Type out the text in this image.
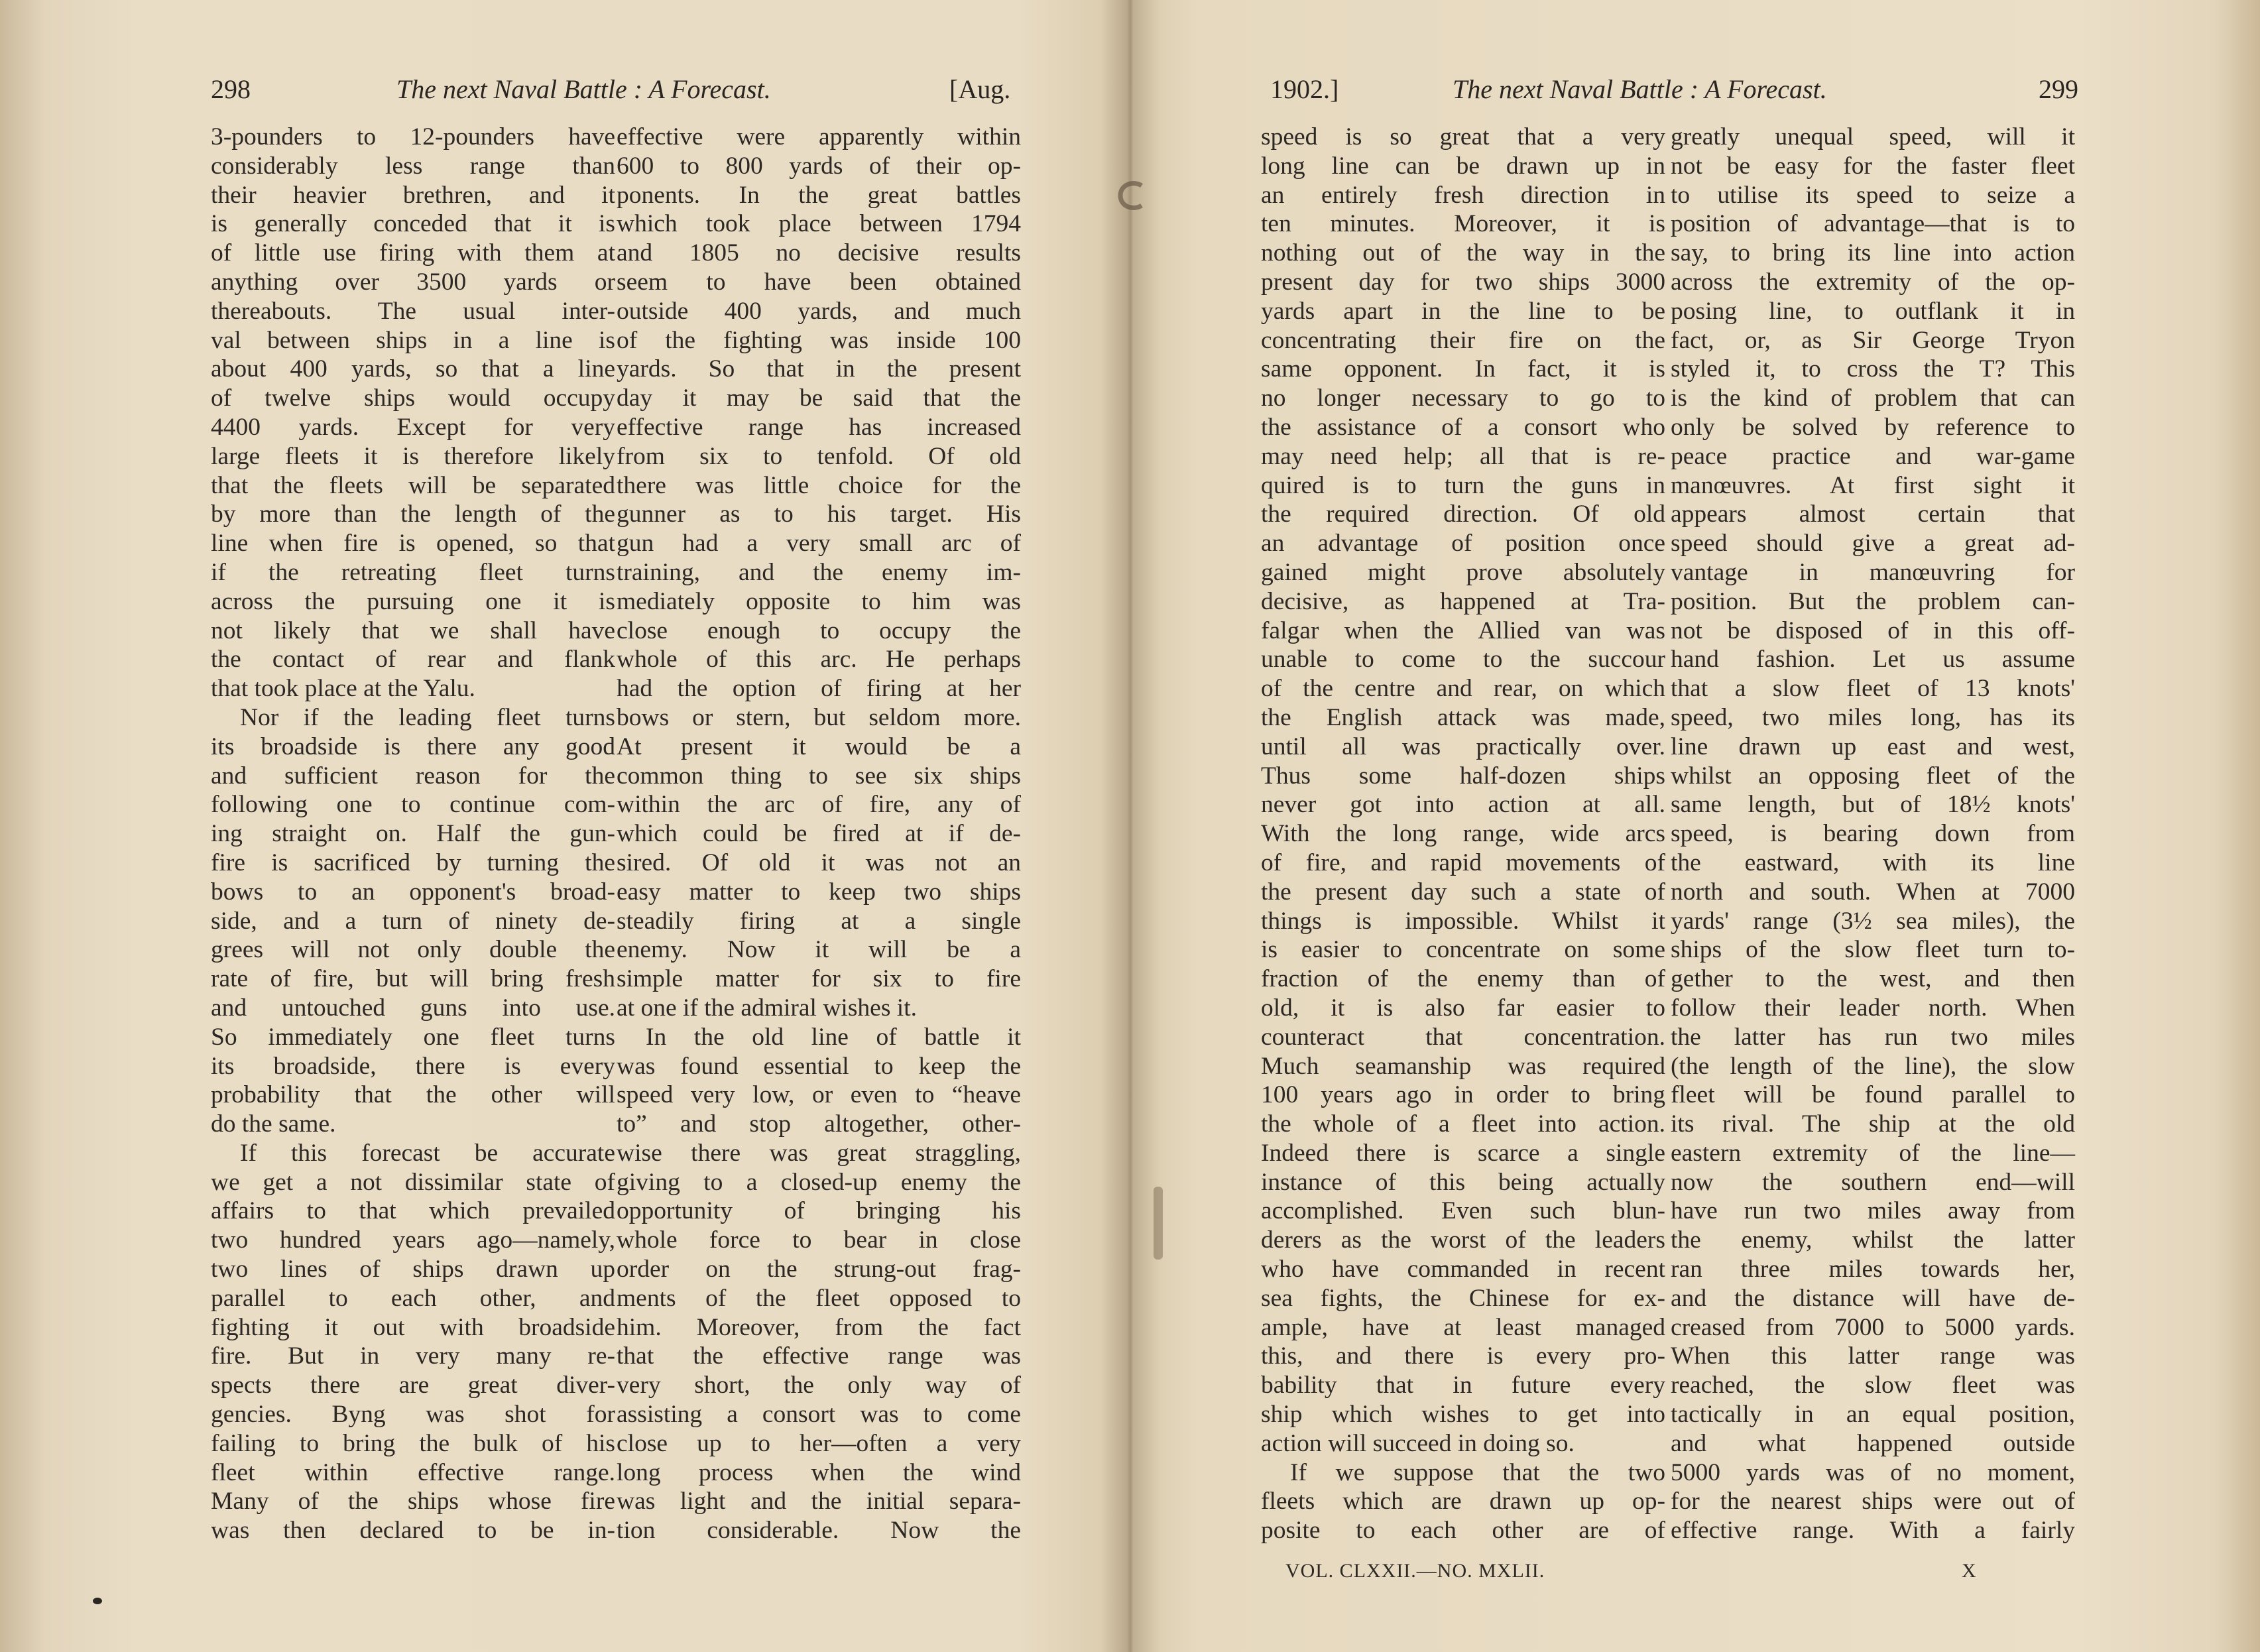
298	The next Naval Battle : A Forecast.	[Aug.
3-pounders to 12-pounders have
considerably less range than
their heavier brethren, and it
is generally conceded that it is
of little use firing with them at
anything over 3500 yards or
thereabouts. The usual inter-
val between ships in a line is
about 400 yards, so that a line
of twelve ships would occupy
4400 yards. Except for very
large fleets it is therefore likely
that the fleets will be separated
by more than the length of the
line when fire is opened, so that
if the retreating fleet turns
across the pursuing one it is
not likely that we shall have
the contact of rear and flank
that took place at the Yalu.
Nor if the leading fleet turns
its broadside is there any good
and sufficient reason for the
following one to continue com-
ing straight on. Half the gun-
fire is sacrificed by turning the
bows to an opponent's broad-
side, and a turn of ninety de-
grees will not only double the
rate of fire, but will bring fresh
and untouched guns into use.
So immediately one fleet turns
its broadside, there is every
probability that the other will
do the same.
If this forecast be accurate
we get a not dissimilar state of
affairs to that which prevailed
two hundred years ago—namely,
two lines of ships drawn up
parallel to each other, and
fighting it out with broadside
fire. But in very many re-
spects there are great diver-
gencies. Byng was shot for
failing to bring the bulk of his
fleet within effective range.
Many of the ships whose fire
was then declared to be in-
effective were apparently within
600 to 800 yards of their op-
ponents. In the great battles
which took place between 1794
and 1805 no decisive results
seem to have been obtained
outside 400 yards, and much
of the fighting was inside 100
yards. So that in the present
day it may be said that the
effective range has increased
from six to tenfold. Of old
there was little choice for the
gunner as to his target. His
gun had a very small arc of
training, and the enemy im-
mediately opposite to him was
close enough to occupy the
whole of this arc. He perhaps
had the option of firing at her
bows or stern, but seldom more.
At present it would be a
common thing to see six ships
within the arc of fire, any of
which could be fired at if de-
sired. Of old it was not an
easy matter to keep two ships
steadily firing at a single
enemy. Now it will be a
simple matter for six to fire
at one if the admiral wishes it.
In the old line of battle it
was found essential to keep the
speed very low, or even to “heave
to” and stop altogether, other-
wise there was great straggling,
giving to a closed-up enemy the
opportunity of bringing his
whole force to bear in close
order on the strung-out frag-
ments of the fleet opposed to
him. Moreover, from the fact
that the effective range was
very short, the only way of
assisting a consort was to come
close up to her—often a very
long process when the wind
was light and the initial separa-
tion considerable. Now the
1902.]	The next Naval Battle : A Forecast.	299
speed is so great that a very
long line can be drawn up in
an entirely fresh direction in
ten minutes. Moreover, it is
nothing out of the way in the
present day for two ships 3000
yards apart in the line to be
concentrating their fire on the
same opponent. In fact, it is
no longer necessary to go to
the assistance of a consort who
may need help; all that is re-
quired is to turn the guns in
the required direction. Of old
an advantage of position once
gained might prove absolutely
decisive, as happened at Tra-
falgar when the Allied van was
unable to come to the succour
of the centre and rear, on which
the English attack was made,
until all was practically over.
Thus some half-dozen ships
never got into action at all.
With the long range, wide arcs
of fire, and rapid movements of
the present day such a state of
things is impossible. Whilst it
is easier to concentrate on some
fraction of the enemy than of
old, it is also far easier to
counteract that concentration.
Much seamanship was required
100 years ago in order to bring
the whole of a fleet into action.
Indeed there is scarce a single
instance of this being actually
accomplished. Even such blun-
derers as the worst of the leaders
who have commanded in recent
sea fights, the Chinese for ex-
ample, have at least managed
this, and there is every pro-
bability that in future every
ship which wishes to get into
action will succeed in doing so.
If we suppose that the two
fleets which are drawn up op-
posite to each other are of
greatly unequal speed, will it
not be easy for the faster fleet
to utilise its speed to seize a
position of advantage—that is to
say, to bring its line into action
across the extremity of the op-
posing line, to outflank it in
fact, or, as Sir George Tryon
styled it, to cross the T? This
is the kind of problem that can
only be solved by reference to
peace practice and war-game
manœuvres. At first sight it
appears almost certain that
speed should give a great ad-
vantage in manœuvring for
position. But the problem can-
not be disposed of in this off-
hand fashion. Let us assume
that a slow fleet of 13 knots'
speed, two miles long, has its
line drawn up east and west,
whilst an opposing fleet of the
same length, but of 18½ knots'
speed, is bearing down from
the eastward, with its line
north and south. When at 7000
yards' range (3½ sea miles), the
ships of the slow fleet turn to-
gether to the west, and then
follow their leader north. When
the latter has run two miles
(the length of the line), the slow
fleet will be found parallel to
its rival. The ship at the old
eastern extremity of the line—
now the southern end—will
have run two miles away from
the enemy, whilst the latter
ran three miles towards her,
and the distance will have de-
creased from 7000 to 5000 yards.
When this latter range was
reached, the slow fleet was
tactically in an equal position,
and what happened outside
5000 yards was of no moment,
for the nearest ships were out of
effective range. With a fairly
VOL. CLXXII.—NO. MXLII.	X
